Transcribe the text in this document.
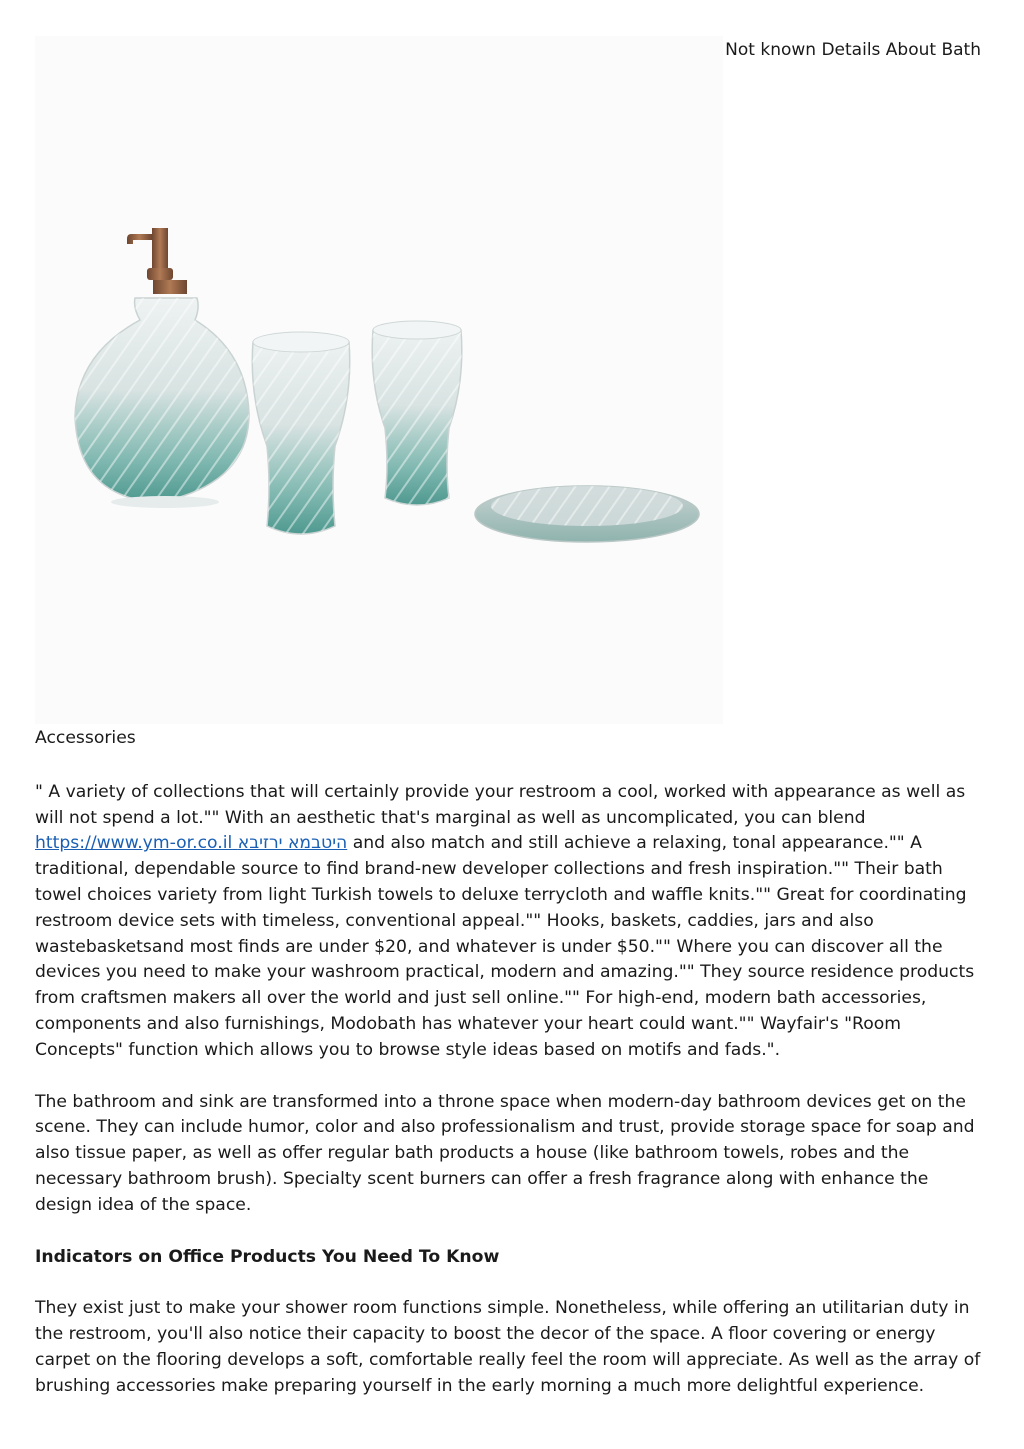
Not known Details About Bath

Accessories

" A variety of collections that will certainly provide your restroom a cool, worked with appearance as well as will not spend a lot."" With an aesthetic that's marginal as well as uncomplicated, you can blend https://www.ym-or.co.il היטבמא ירזיבא and also match and still achieve a relaxing, tonal appearance."" A traditional, dependable source to find brand-new developer collections and fresh inspiration."" Their bath towel choices variety from light Turkish towels to deluxe terrycloth and waffle knits."" Great for coordinating restroom device sets with timeless, conventional appeal."" Hooks, baskets, caddies, jars and also wastebasketsand most finds are under $20, and whatever is under $50."" Where you can discover all the devices you need to make your washroom practical, modern and amazing."" They source residence products from craftsmen makers all over the world and just sell online."" For high-end, modern bath accessories, components and also furnishings, Modobath has whatever your heart could want."" Wayfair's "Room Concepts" function which allows you to browse style ideas based on motifs and fads.".

The bathroom and sink are transformed into a throne space when modern-day bathroom devices get on the scene. They can include humor, color and also professionalism and trust, provide storage space for soap and also tissue paper, as well as offer regular bath products a house (like bathroom towels, robes and the necessary bathroom brush). Specialty scent burners can offer a fresh fragrance along with enhance the design idea of the space.

Indicators on Office Products You Need To Know

They exist just to make your shower room functions simple. Nonetheless, while offering an utilitarian duty in the restroom, you'll also notice their capacity to boost the decor of the space. A floor covering or energy carpet on the flooring develops a soft, comfortable really feel the room will appreciate. As well as the array of brushing accessories make preparing yourself in the early morning a much more delightful experience.
